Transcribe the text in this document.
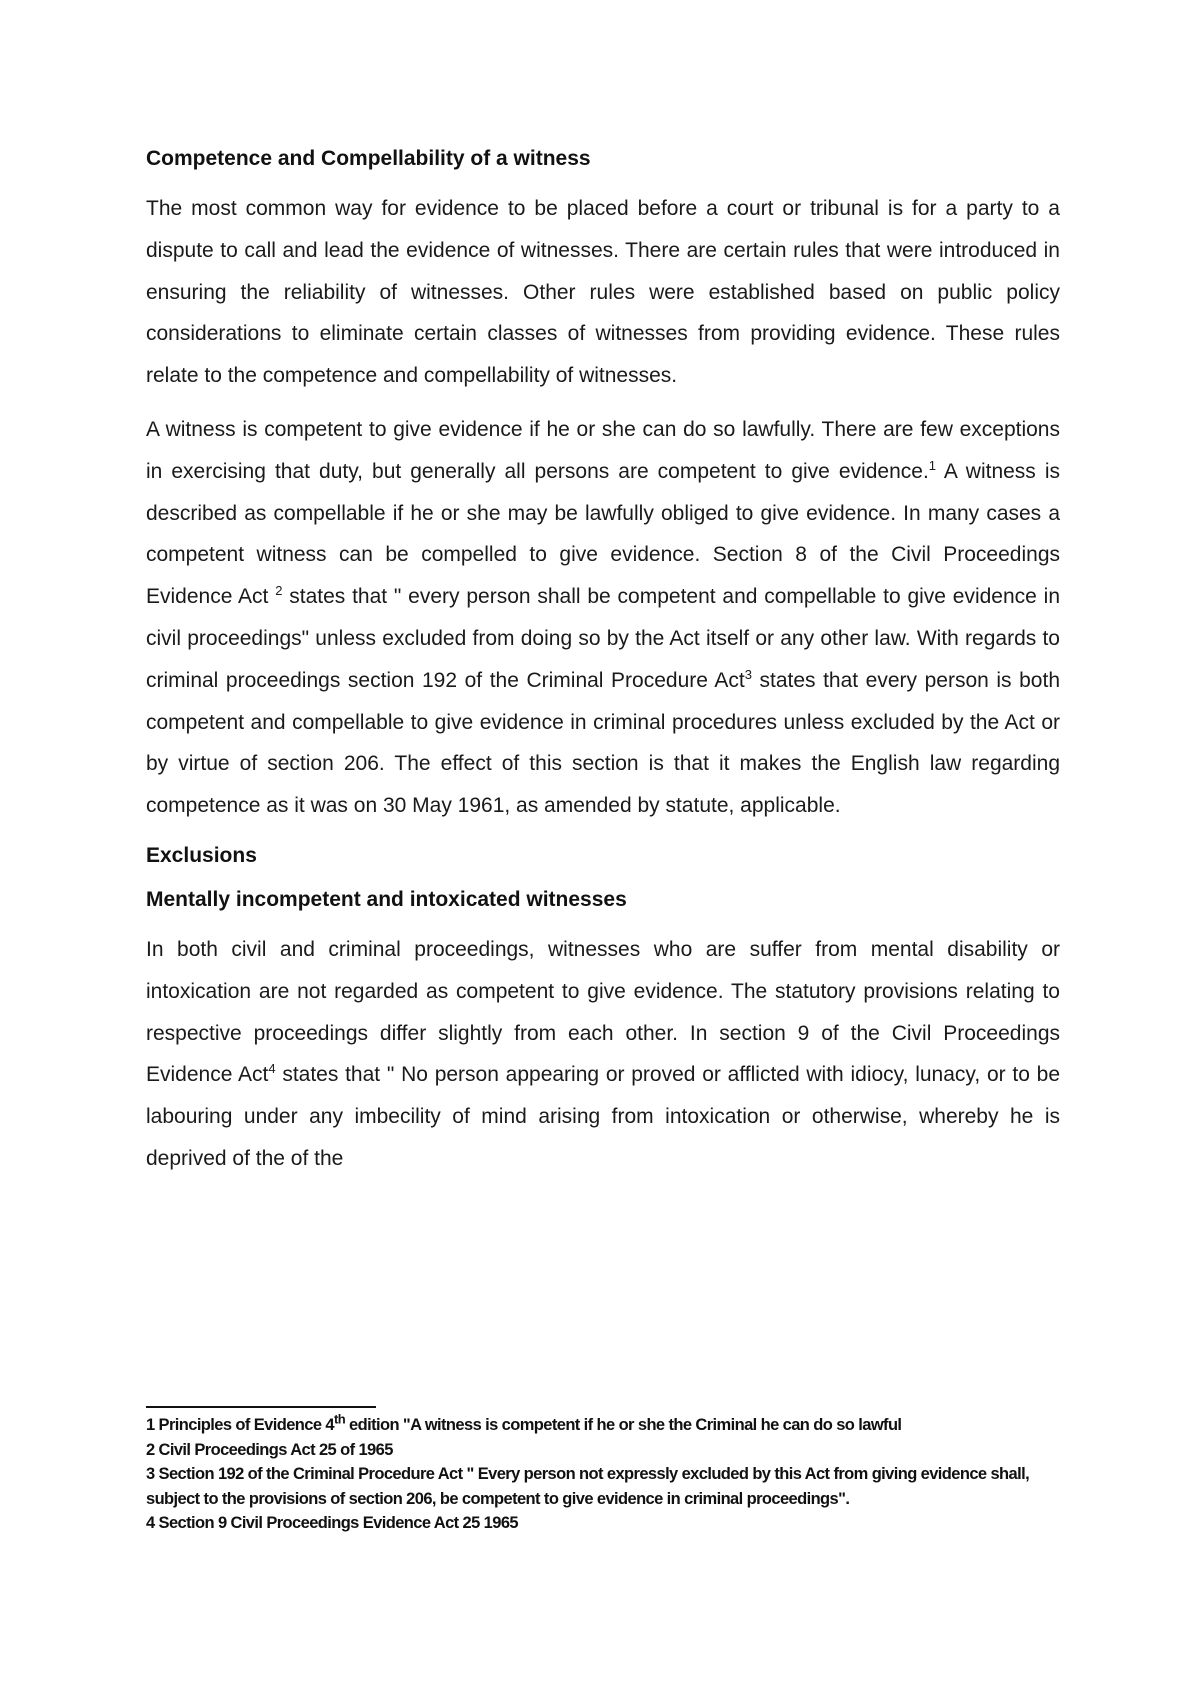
Competence and Compellability of a witness

The most common way for evidence to be placed before a court or tribunal is for a party to a dispute to call and lead the evidence of witnesses. There are certain rules that were introduced in ensuring the reliability of witnesses. Other rules were established based on public policy considerations to eliminate certain classes of witnesses from providing evidence. These rules relate to the competence and compellability of witnesses.

A witness is competent to give evidence if he or she can do so lawfully. There are few exceptions in exercising that duty, but generally all persons are competent to give evidence.$^1$ A witness is described as compellable if he or she may be lawfully obliged to give evidence. In many cases a competent witness can be compelled to give evidence. Section 8 of the Civil Proceedings Evidence Act $^2$ states that " every person shall be competent and compellable to give evidence in civil proceedings" unless excluded from doing so by the Act itself or any other law. With regards to criminal proceedings section 192 of the Criminal Procedure Act$^3$ states that every person is both competent and compellable to give evidence in criminal procedures unless excluded by the Act or by virtue of section 206. The effect of this section is that it makes the English law regarding competence as it was on 30 May 1961, as amended by statute, applicable.

Exclusions
Mentally incompetent and intoxicated witnesses

In both civil and criminal proceedings, witnesses who are suffer from mental disability or intoxication are not regarded as competent to give evidence. The statutory provisions relating to respective proceedings differ slightly from each other. In section 9 of the Civil Proceedings Evidence Act$^4$ states that " No person appearing or proved or afflicted with idiocy, lunacy, or to be labouring under any imbecility of mind arising from intoxication or otherwise, whereby he is deprived of the of the

1 Principles of Evidence 4th edition "A witness is competent if he or she the Criminal he can do so lawful

2 Civil Proceedings Act 25 of 1965

3 Section 192 of the Criminal Procedure Act " Every person not expressly excluded by this Act from giving evidence shall, subject to the provisions of section 206, be competent to give evidence in criminal proceedings".

4 Section 9 Civil Proceedings Evidence Act 25 1965
